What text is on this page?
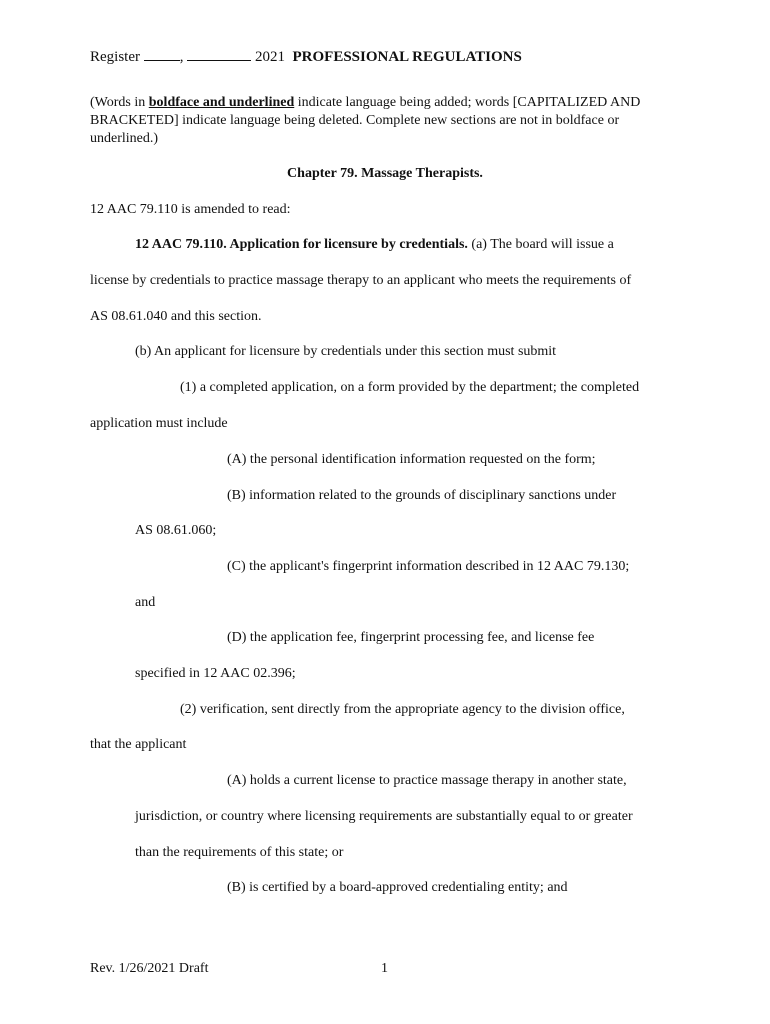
Register	,	2021 PROFESSIONAL REGULATIONS
(Words in boldface and underlined indicate language being added; words [CAPITALIZED AND BRACKETED] indicate language being deleted. Complete new sections are not in boldface or underlined.)
Chapter 79. Massage Therapists.
12 AAC 79.110 is amended to read:
12 AAC 79.110. Application for licensure by credentials. (a) The board will issue a
license by credentials to practice massage therapy to an applicant who meets the requirements of
AS 08.61.040 and this section.
(b) An applicant for licensure by credentials under this section must submit
(1) a completed application, on a form provided by the department; the completed
application must include
(A) the personal identification information requested on the form;
(B) information related to the grounds of disciplinary sanctions under
AS 08.61.060;
(C) the applicant's fingerprint information described in 12 AAC 79.130;
and
(D) the application fee, fingerprint processing fee, and license fee
specified in 12 AAC 02.396;
(2) verification, sent directly from the appropriate agency to the division office,
that the applicant
(A) holds a current license to practice massage therapy in another state,
jurisdiction, or country where licensing requirements are substantially equal to or greater
than the requirements of this state; or
(B) is certified by a board-approved credentialing entity; and
Rev. 1/26/2021 Draft	1
